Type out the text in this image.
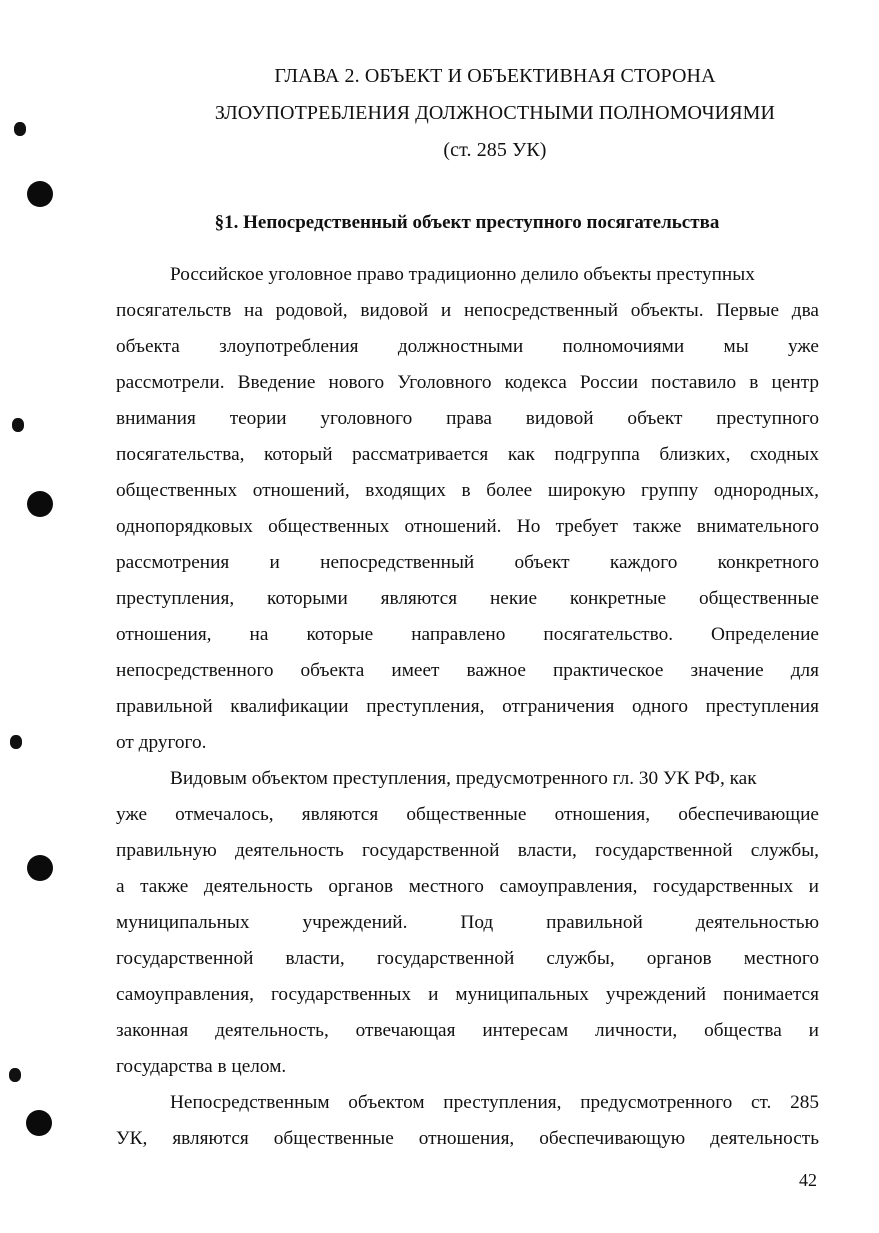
ГЛАВА 2. ОБЪЕКТ И ОБЪЕКТИВНАЯ СТОРОНА
ЗЛОУПОТРЕБЛЕНИЯ ДОЛЖНОСТНЫМИ ПОЛНОМОЧИЯМИ
(ст. 285 УК)
§1. Непосредственный объект преступного посягательства
Российское уголовное право традиционно делило объекты преступных
посягательств на родовой, видовой и непосредственный объекты. Первые два
объекта злоупотребления должностными полномочиями мы уже
рассмотрели. Введение нового Уголовного кодекса России поставило в центр
внимания теории уголовного права видовой объект преступного
посягательства, который рассматривается как подгруппа близких, сходных
общественных отношений, входящих в более широкую группу однородных,
однопорядковых общественных отношений. Но требует также внимательного
рассмотрения и непосредственный объект каждого конкретного
преступления, которыми являются некие конкретные общественные
отношения, на которые направлено посягательство. Определение
непосредственного объекта имеет важное практическое значение для
правильной квалификации преступления, отграничения одного преступления
от другого.
Видовым объектом преступления, предусмотренного гл. 30 УК РФ, как
уже отмечалось, являются общественные отношения, обеспечивающие
правильную деятельность государственной власти, государственной службы,
а также деятельность органов местного самоуправления, государственных и
муниципальных учреждений. Под правильной деятельностью
государственной власти, государственной службы, органов местного
самоуправления, государственных и муниципальных учреждений понимается
законная деятельность, отвечающая интересам личности, общества и
государства в целом.
Непосредственным объектом преступления, предусмотренного ст. 285
УК, являются общественные отношения, обеспечивающую деятельность
42
